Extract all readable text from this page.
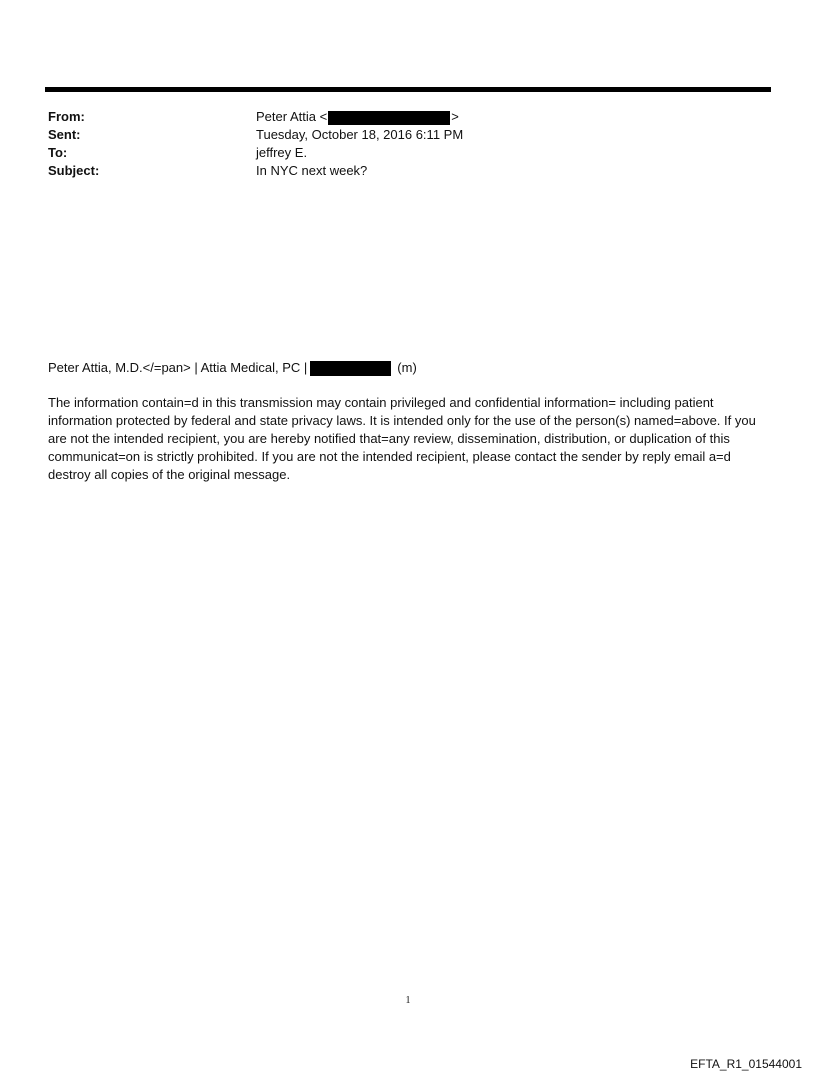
From:	Peter Attia <	>
Sent:	Tuesday, October 18, 2016 6:11 PM
To:	jeffrey E.
Subject:	In NYC next week?
Peter Attia, M.D.</=pan> | Attia Medical, PC |	(m)
The information contain=d in this transmission may contain privileged and confidential information= including patient information protected by federal and state privacy laws. It is intended only for the use of the person(s) named=above. If you are not the intended recipient, you are hereby notified that=any review, dissemination, distribution, or duplication of this communicat=on is strictly prohibited. If you are not the intended recipient, please contact the sender by reply email a=d destroy all copies of the original message.
1
EFTA_R1_01544001
